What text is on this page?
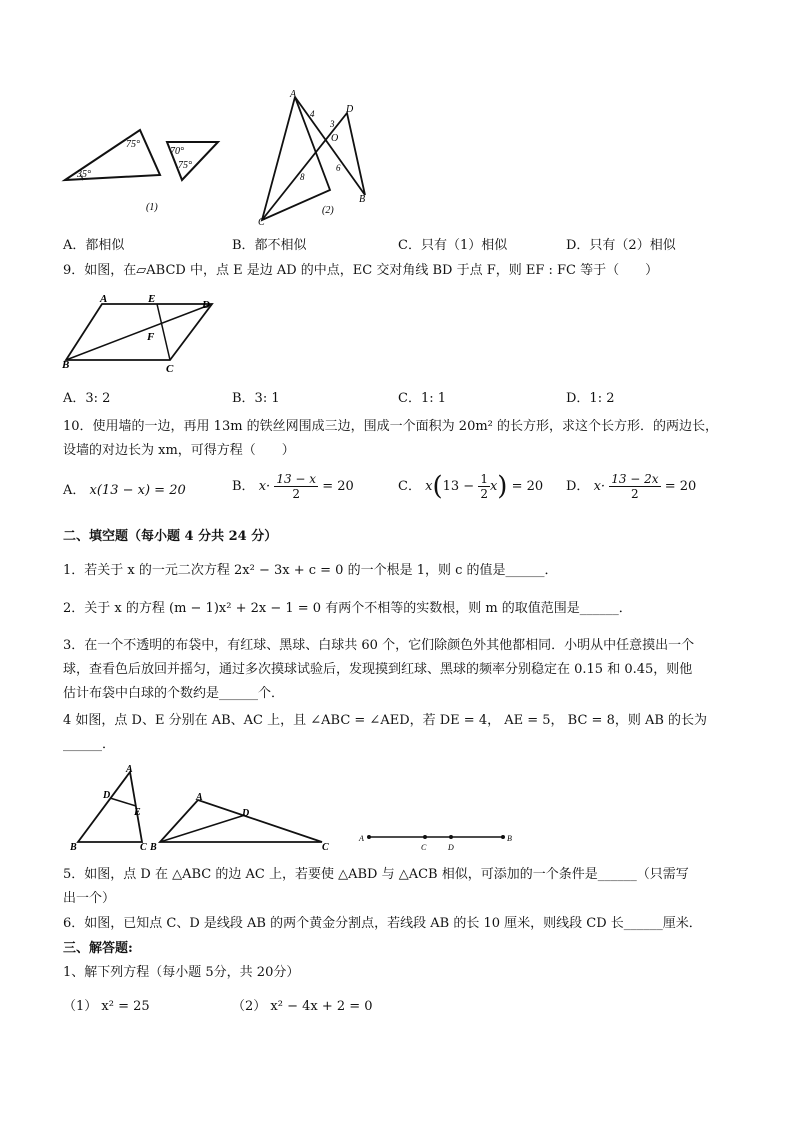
75°
35°
70°
75°
(1)
A
D
O
B
C
4
3
6
8
(2)
A．都相似	B．都不相似	C．只有（1）相似	D．只有（2）相似
9．如图，在▱ABCD 中，点 E 是边 AD 的中点，EC 交对角线 BD 于点 F，则 EF : FC 等于（　　）
A	E	D
F
B	C
A．3: 2	B．3: 1	C．1: 1	D．1: 2
10．使用墙的一边，再用 13m 的铁丝网围成三边，围成一个面积为 20m² 的长方形，求这个长方形．的两边长，
设墙的对边长为 xm，可得方程（　　）
A． x(13 − x) = 20	B． $x\cdot \frac{13 - x}{2} = 20$	C． $x(13 - \frac{1}{2} x) = 20$ D． $x\cdot \frac{13 - 2x}{2} = 20$
二、填空题（每小题 4 分共 24 分）
1．若关于 x 的一元二次方程 2x² − 3x + c = 0 的一个根是 1，则 c 的值是______．
2．关于 x 的方程 (m − 1)x² + 2x − 1 = 0 有两个不相等的实数根，则 m 的取值范围是______．
3．在一个不透明的布袋中，有红球、黑球、白球共 60 个，它们除颜色外其他都相同．小明从中任意摸出一个
球，查看色后放回并摇匀，通过多次摸球试验后，发现摸到红球、黑球的频率分别稳定在 0.15 和 0.45，则他
估计布袋中白球的个数约是______个．
4 如图，点 D、E 分别在 AB、AC 上，且 ∠ABC = ∠AED，若 DE = 4， AE = 5， BC = 8，则 AB 的长为
______．
A
D
E
B	C
A
D
B	C
A
C	D
B
5．如图，点 D 在 △ABC 的边 AC 上，若要使 △ABD 与 △ACB 相似，可添加的一个条件是______（只需写
出一个）
6．如图，已知点 C、D 是线段 AB 的两个黄金分割点，若线段 AB 的长 10 厘米，则线段 CD 长______厘米．
三、解答题:
1、解下列方程（每小题 5分，共 20分）
（1） x² = 25	（2） x² − 4x + 2 = 0
